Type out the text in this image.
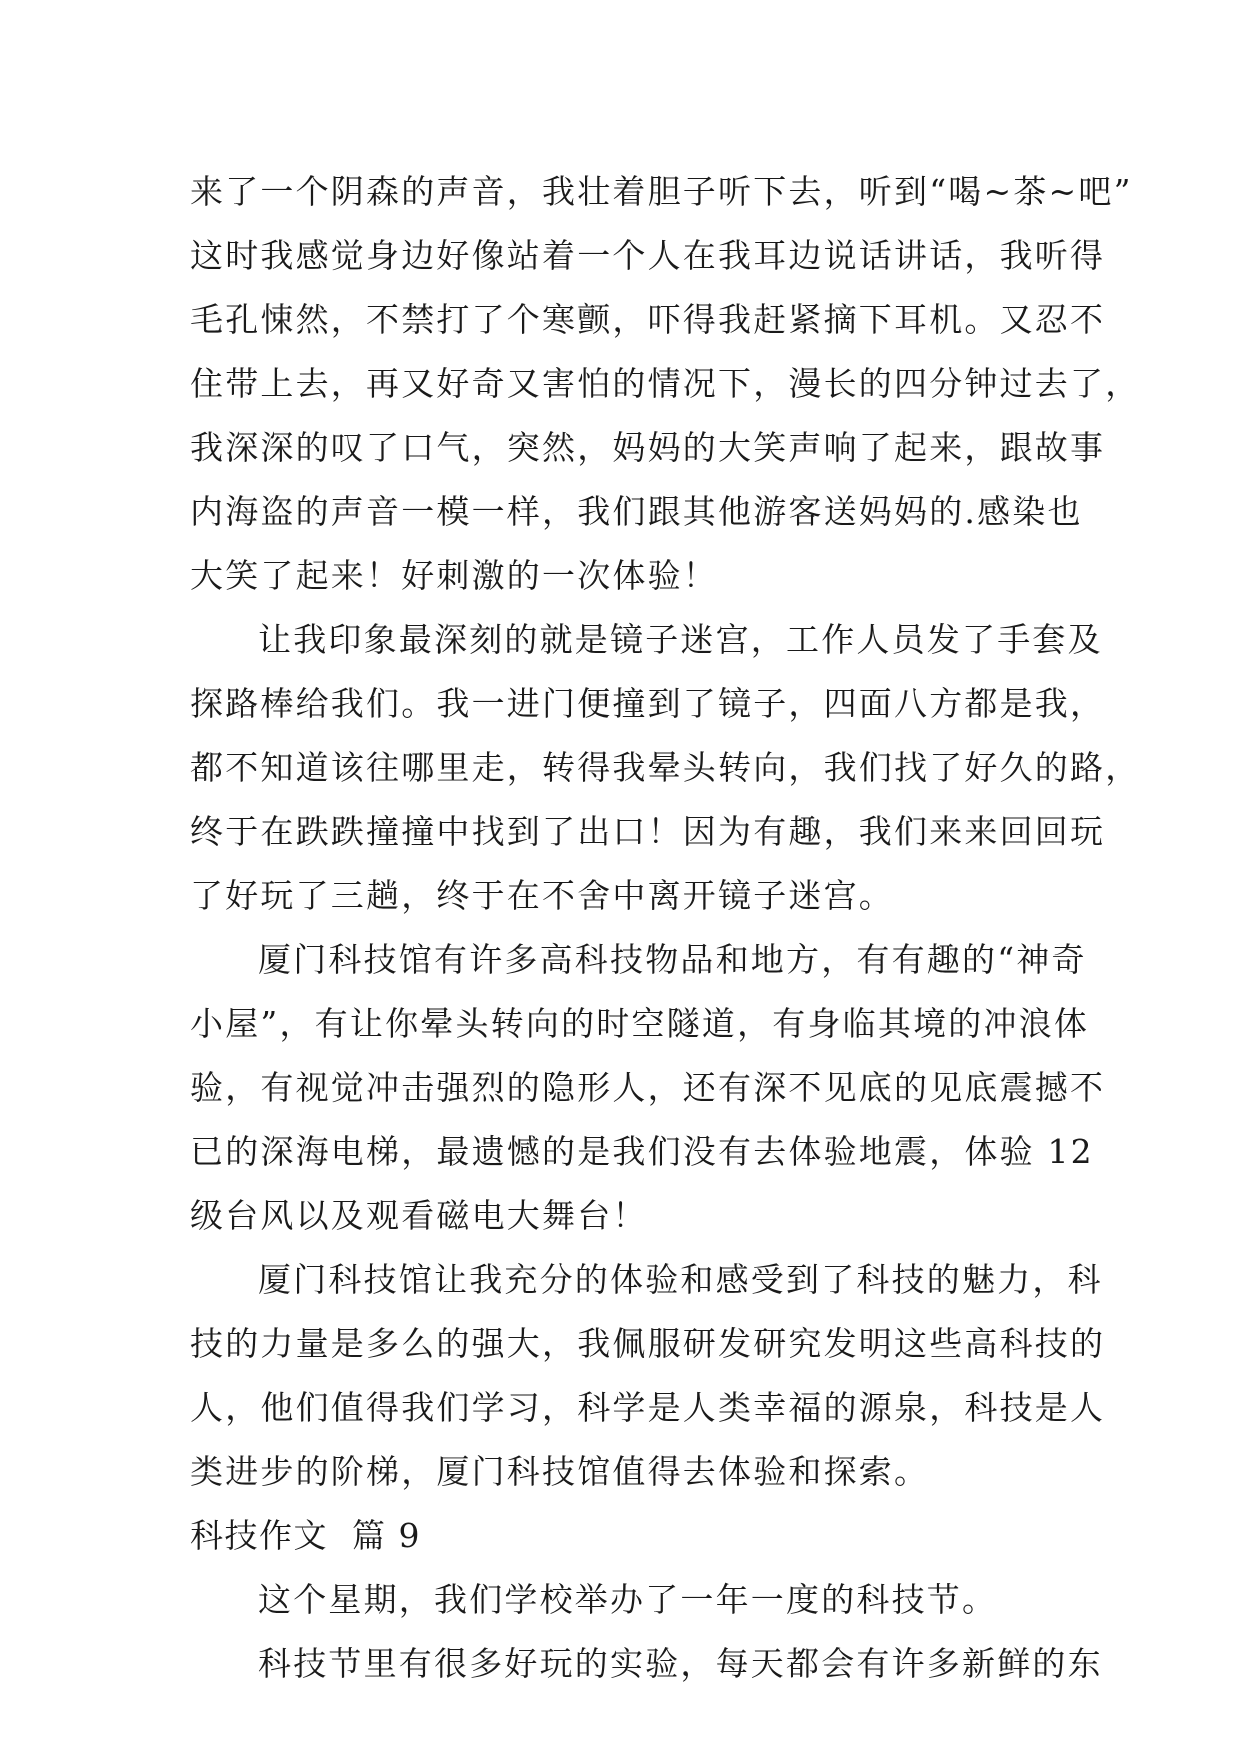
来了一个阴森的声音，我壮着胆子听下去，听到“喝~茶~吧”
这时我感觉身边好像站着一个人在我耳边说话讲话，我听得
毛孔悚然，不禁打了个寒颤，吓得我赶紧摘下耳机。又忍不
住带上去，再又好奇又害怕的情况下，漫长的四分钟过去了，
我深深的叹了口气，突然，妈妈的大笑声响了起来，跟故事
内海盗的声音一模一样，我们跟其他游客送妈妈的.感染也
大笑了起来！好刺激的一次体验！
让我印象最深刻的就是镜子迷宫，工作人员发了手套及
探路棒给我们。我一进门便撞到了镜子，四面八方都是我，
都不知道该往哪里走，转得我晕头转向，我们找了好久的路，
终于在跌跌撞撞中找到了出口！因为有趣，我们来来回回玩
了好玩了三趟，终于在不舍中离开镜子迷宫。
厦门科技馆有许多高科技物品和地方，有有趣的“神奇
小屋”，有让你晕头转向的时空隧道，有身临其境的冲浪体
验，有视觉冲击强烈的隐形人，还有深不见底的见底震撼不
已的深海电梯，最遗憾的是我们没有去体验地震，体验 12
级台风以及观看磁电大舞台！
厦门科技馆让我充分的体验和感受到了科技的魅力，科
技的力量是多么的强大，我佩服研发研究发明这些高科技的
人，他们值得我们学习，科学是人类幸福的源泉，科技是人
类进步的阶梯，厦门科技馆值得去体验和探索。
科技作文  篇 9
这个星期，我们学校举办了一年一度的科技节。
科技节里有很多好玩的实验，每天都会有许多新鲜的东
